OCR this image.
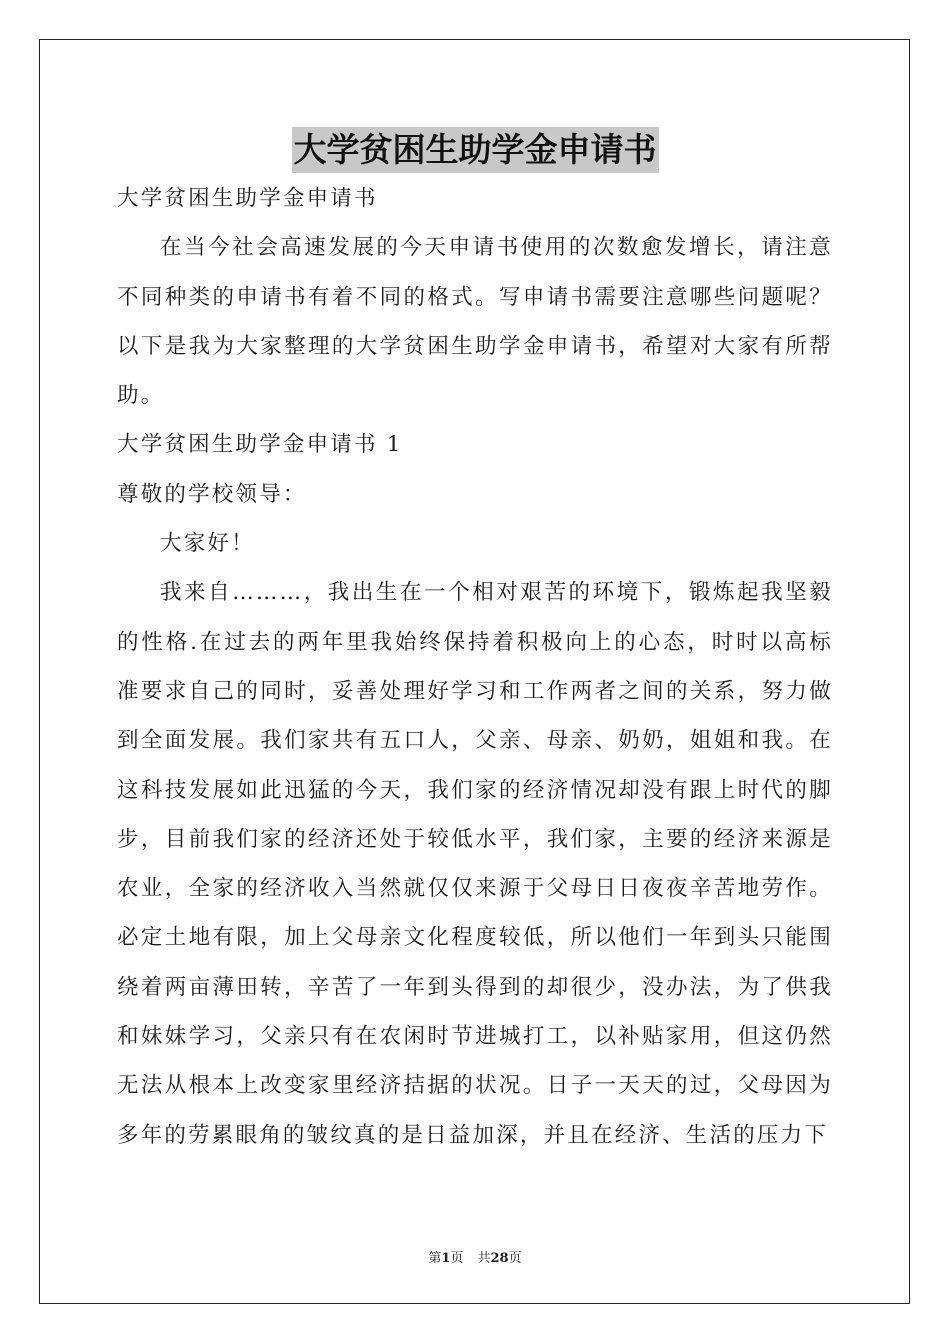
大学贫困生助学金申请书

大学贫困生助学金申请书

在当今社会高速发展的今天申请书使用的次数愈发增长，请注意不同种类的申请书有着不同的格式。写申请书需要注意哪些问题呢？以下是我为大家整理的大学贫困生助学金申请书，希望对大家有所帮助。

大学贫困生助学金申请书 1

尊敬的学校领导：

大家好！

我来自………，我出生在一个相对艰苦的环境下，锻炼起我坚毅的性格.在过去的两年里我始终保持着积极向上的心态，时时以高标准要求自己的同时，妥善处理好学习和工作两者之间的关系，努力做到全面发展。我们家共有五口人，父亲、母亲、奶奶，姐姐和我。在这科技发展如此迅猛的今天，我们家的经济情况却没有跟上时代的脚步，目前我们家的经济还处于较低水平，我们家，主要的经济来源是农业，全家的经济收入当然就仅仅来源于父母日日夜夜辛苦地劳作。必定土地有限，加上父母亲文化程度较低，所以他们一年到头只能围绕着两亩薄田转，辛苦了一年到头得到的却很少，没办法，为了供我和妹妹学习，父亲只有在农闲时节进城打工，以补贴家用，但这仍然无法从根本上改变家里经济拮据的状况。日子一天天的过，父母因为多年的劳累眼角的皱纹真的是日益加深，并且在经济、生活的压力下

第1页 共28页
